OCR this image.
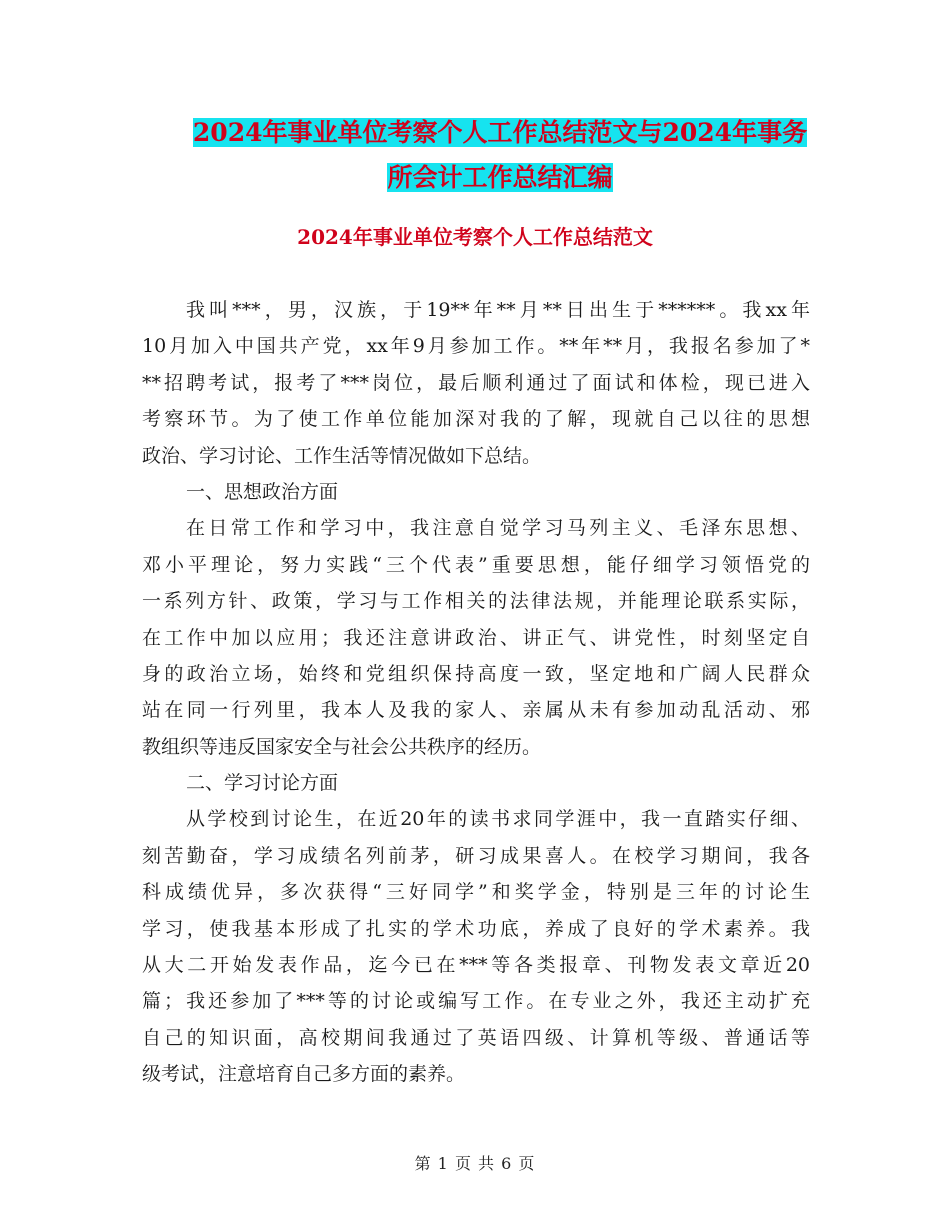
2024年事业单位考察个人工作总结范文与2024年事务
所会计工作总结汇编
2024年事业单位考察个人工作总结范文
我叫***，男，汉族，于19**年**月**日出生于******。我xx年
10月加入中国共产党，xx年9月参加工作。**年**月，我报名参加了*
**招聘考试，报考了***岗位，最后顺利通过了面试和体检，现已进入
考察环节。为了使工作单位能加深对我的了解，现就自己以往的思想
政治、学习讨论、工作生活等情况做如下总结。
一、思想政治方面
在日常工作和学习中，我注意自觉学习马列主义、毛泽东思想、
邓小平理论，努力实践“三个代表”重要思想，能仔细学习领悟党的
一系列方针、政策，学习与工作相关的法律法规，并能理论联系实际，
在工作中加以应用；我还注意讲政治、讲正气、讲党性，时刻坚定自
身的政治立场，始终和党组织保持高度一致，坚定地和广阔人民群众
站在同一行列里，我本人及我的家人、亲属从未有参加动乱活动、邪
教组织等违反国家安全与社会公共秩序的经历。
二、学习讨论方面
从学校到讨论生，在近20年的读书求同学涯中，我一直踏实仔细、
刻苦勤奋，学习成绩名列前茅，研习成果喜人。在校学习期间，我各
科成绩优异，多次获得“三好同学”和奖学金，特别是三年的讨论生
学习，使我基本形成了扎实的学术功底，养成了良好的学术素养。我
从大二开始发表作品，迄今已在***等各类报章、刊物发表文章近20
篇；我还参加了***等的讨论或编写工作。在专业之外，我还主动扩充
自己的知识面，高校期间我通过了英语四级、计算机等级、普通话等
级考试，注意培育自己多方面的素养。
第 1 页 共 6 页
